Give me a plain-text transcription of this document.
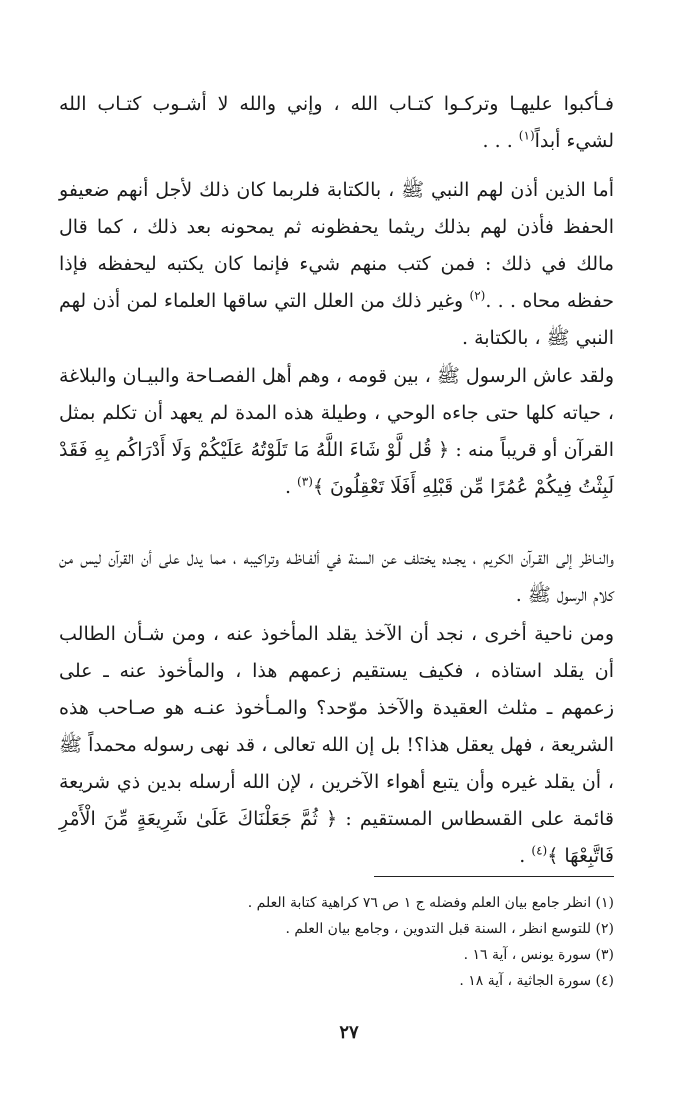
فـأكبوا عليهـا وتركـوا كتـاب الله ، وإني والله لا أشـوب كتـاب الله لشيء أبداً$^{(١)}$ . . .
أما الذين أذن لهم النبي ﷺ ، بالكتابة فلربما كان ذلك لأجل أنهم ضعيفو الحفظ فأذن لهم بذلك ريثما يحفظونه ثم يمحونه بعد ذلك ، كما قال مالك في ذلك : فمن كتب منهم شيء فإنما كان يكتبه ليحفظه فإذا حفظه محاه . . .$^{(٢)}$ وغير ذلك من العلل التي ساقها العلماء لمن أذن لهم النبي ﷺ ، بالكتابة .
ولقد عاش الرسول ﷺ ، بين قومه ، وهم أهل الفصـاحة والبيـان والبلاغة ، حياته كلها حتى جاءه الوحي ، وطيلة هذه المدة لم يعهد أن تكلم بمثل القرآن أو قريباً منه : ﴿ قُل لَّوْ شَاءَ اللَّهُ مَا تَلَوْتُهُ عَلَيْكُمْ وَلَا أَدْرَاكُم بِهِ فَقَدْ لَبِثْتُ فِيكُمْ عُمُرًا مِّن قَبْلِهِ أَفَلَا تَعْقِلُونَ ﴾$^{(٣)}$ .
والنـاظر إلى القـرآن الكريم ، يجـده يختلف عن السنة في ألفـاظـه وتراكيبه ، مما يدل على أن القرآن ليس من كلام الرسول ﷺ .
ومن ناحية أخرى ، نجد أن الآخذ يقلد المأخوذ عنه ، ومن شـأن الطالب أن يقلد استاذه ، فكيف يستقيم زعمهم هذا ، والمأخوذ عنه ـ على زعمهم ـ مثلث العقيدة والآخذ موّحد؟ والمـأخوذ عنـه هو صـاحب هذه الشريعة ، فهل يعقل هذا؟! بل إن الله تعالى ، قد نهى رسوله محمداً ﷺ ، أن يقلد غيره وأن يتبع أهواء الآخرين ، لإن الله أرسله بدين ذي شريعة قائمة على القسطاس المستقيم : ﴿ ثُمَّ جَعَلْنَاكَ عَلَىٰ شَرِيعَةٍ مِّنَ الْأَمْرِ فَاتَّبِعْهَا ﴾$^{(٤)}$ .
(١) انظر جامع بيان العلم وفضله ج ١ ص ٧٦ كراهية كتابة العلم .
(٢) للتوسع انظر ، السنة قبل التدوين ، وجامع بيان العلم .
(٣) سورة يونس ، آية ١٦ .
(٤) سورة الجاثية ، آية ١٨ .
٢٧
